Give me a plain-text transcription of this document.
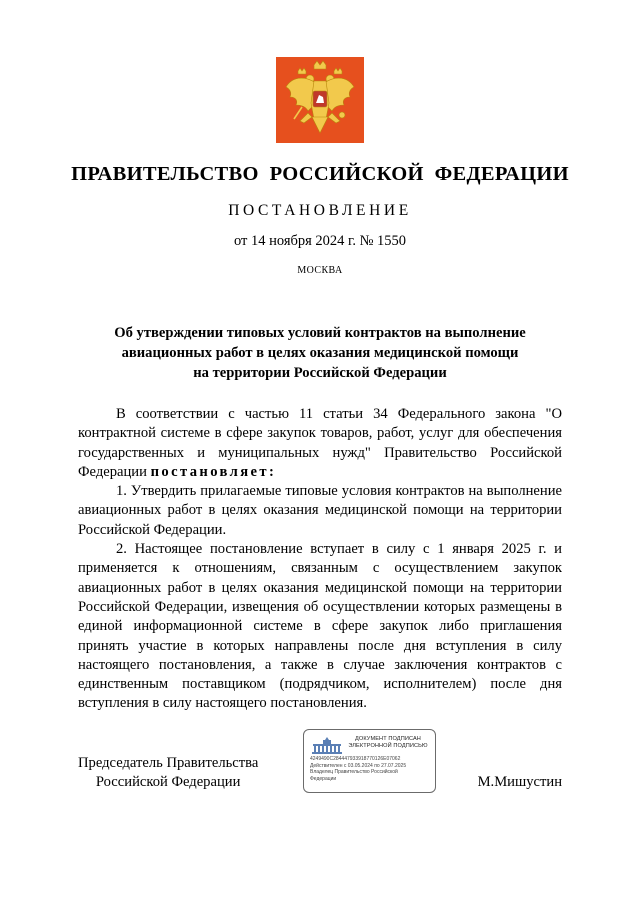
ПРАВИТЕЛЬСТВО  РОССИЙСКОЙ  ФЕДЕРАЦИИ
ПОСТАНОВЛЕНИЕ
от 14 ноября 2024 г. № 1550
МОСКВА
Об утверждении типовых условий контрактов на выполнение
авиационных работ в целях оказания медицинской помощи
на территории Российской Федерации

В соответствии с частью 11 статьи 34 Федерального закона "О контрактной системе в сфере закупок товаров, работ, услуг для обеспечения государственных и муниципальных нужд" Правительство Российской Федерации постановляет:

1. Утвердить прилагаемые типовые условия контрактов на выполнение авиационных работ в целях оказания медицинской помощи на территории Российской Федерации.

2. Настоящее постановление вступает в силу с 1 января 2025 г. и применяется к отношениям, связанным с осуществлением закупок авиационных работ в целях оказания медицинской помощи на территории Российской Федерации, извещения об осуществлении которых размещены в единой информационной системе в сфере закупок либо приглашения принять участие в которых направлены после дня вступления в силу настоящего постановления, а также в случае заключения контрактов с единственным поставщиком (подрядчиком, исполнителем) после дня вступления в силу настоящего постановления.

Председатель Правительства
Российской Федерации
ДОКУМЕНТ ПОДПИСАН
ЭЛЕКТРОННОЙ ПОДПИСЬЮ
4249490C284447933918770126E07062
Действителен с 03.05.2024 по 27.07.2025
Владелец Правительство Российской
Федерации	М.Мишустин
